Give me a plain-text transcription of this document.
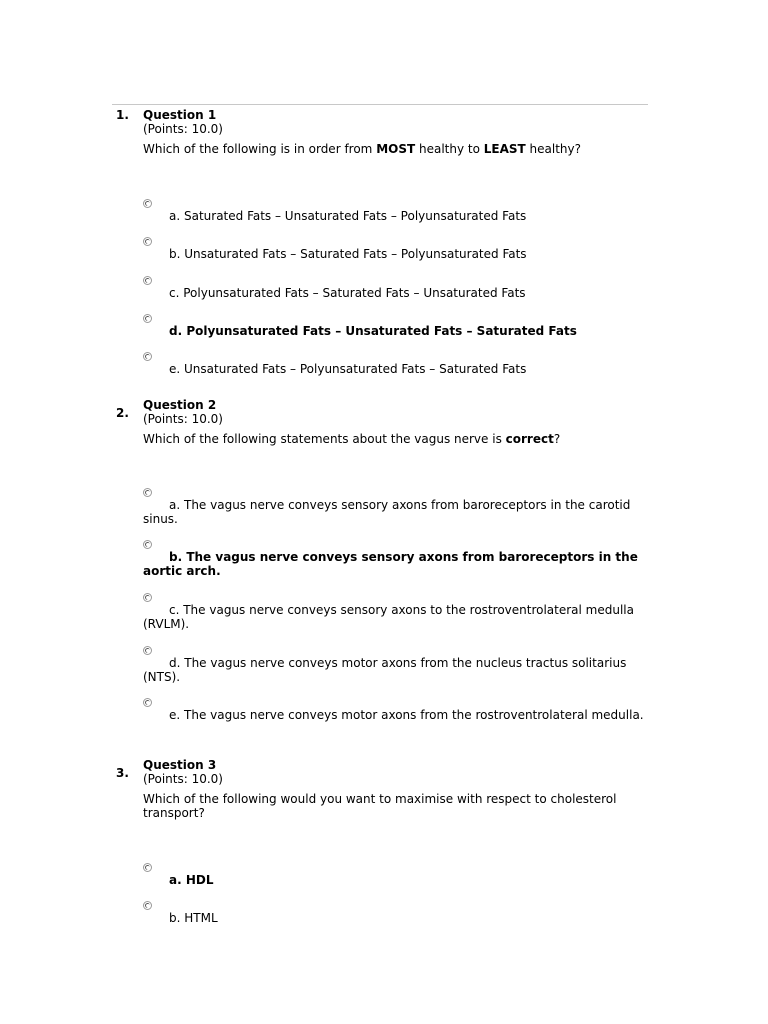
1.	Question 1
(Points: 10.0)
Which of the following is in order from MOST healthy to LEAST healthy?
a. Saturated Fats – Unsaturated Fats – Polyunsaturated Fats
b. Unsaturated Fats – Saturated Fats – Polyunsaturated Fats
c. Polyunsaturated Fats – Saturated Fats – Unsaturated Fats
d. Polyunsaturated Fats – Unsaturated Fats – Saturated Fats
e. Unsaturated Fats – Polyunsaturated Fats – Saturated Fats
2.
Question 2
(Points: 10.0)
Which of the following statements about the vagus nerve is correct?
a. The vagus nerve conveys sensory axons from baroreceptors in the carotid sinus.
b. The vagus nerve conveys sensory axons from baroreceptors in the aortic arch.
c. The vagus nerve conveys sensory axons to the rostroventrolateral medulla (RVLM).
d. The vagus nerve conveys motor axons from the nucleus tractus solitarius (NTS).
e. The vagus nerve conveys motor axons from the rostroventrolateral medulla.
3.
Question 3
(Points: 10.0)
Which of the following would you want to maximise with respect to cholesterol transport?
a. HDL
b. HTML
